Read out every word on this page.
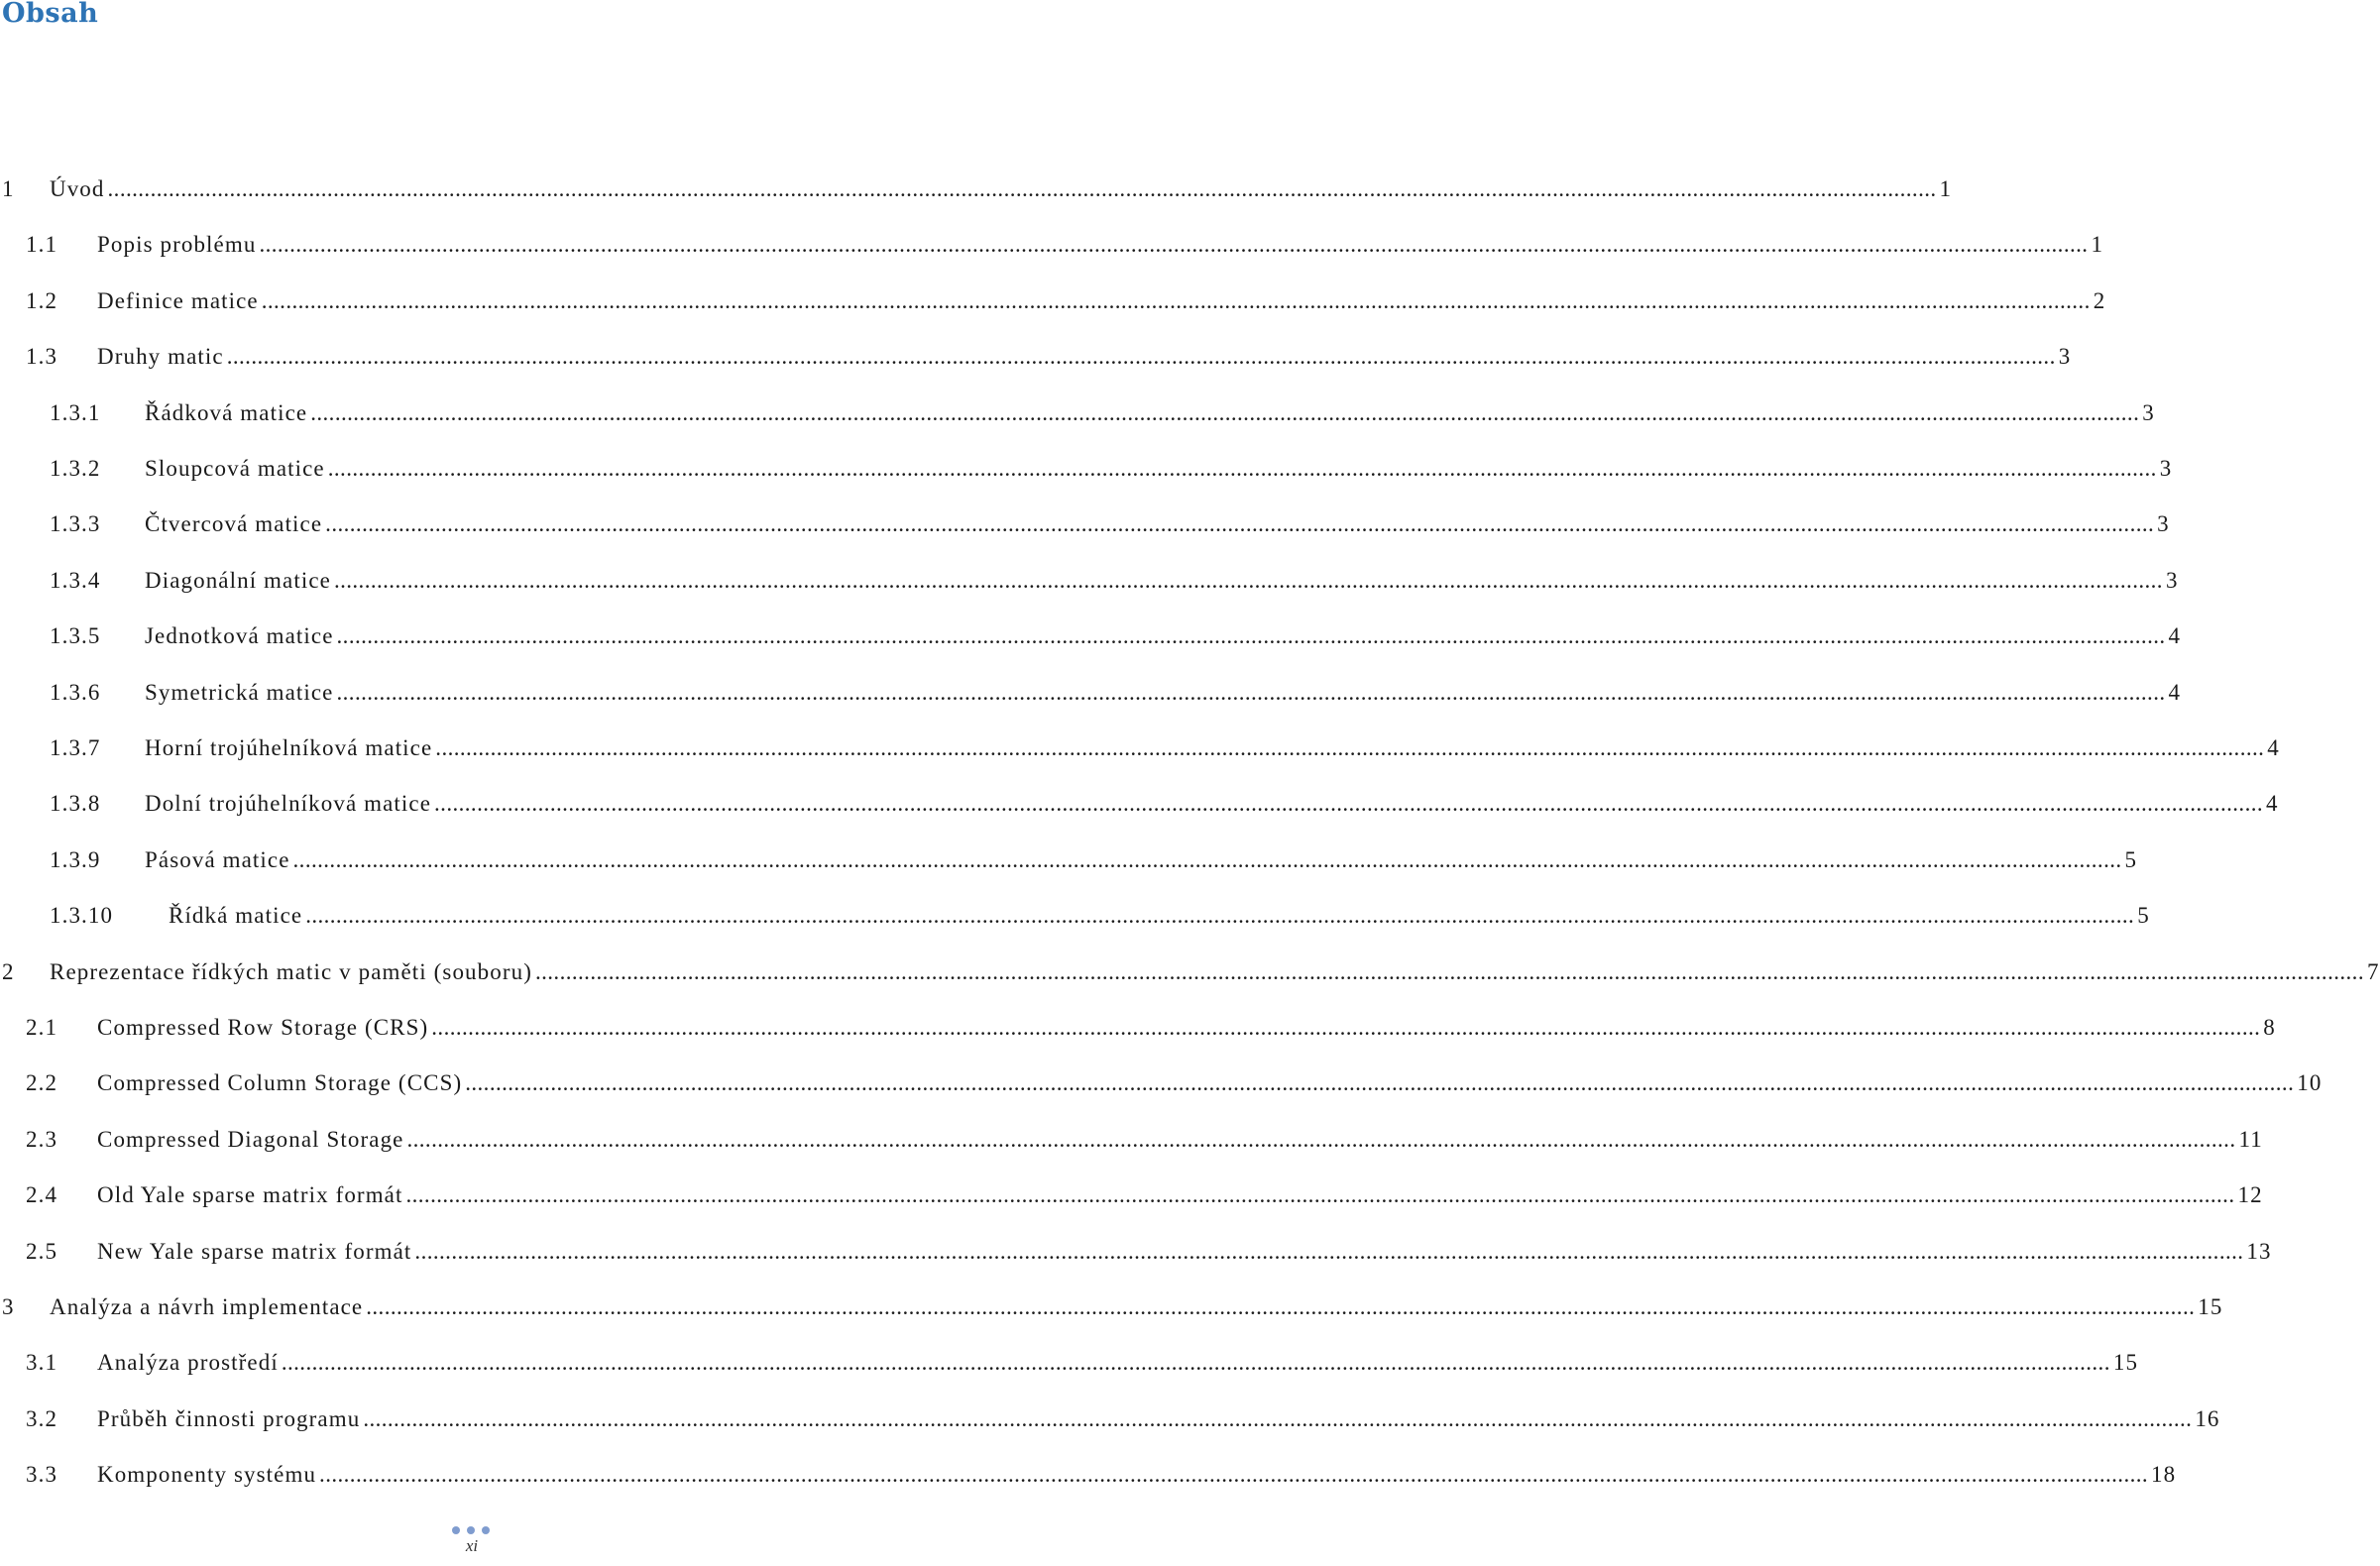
Obsah
1 Úvod ............................................................................................................................................................................................................................................................................................................ 1
1.1 Popis problému ............................................................................................................................................................................................................................................................................................................ 1
1.2 Definice matice ............................................................................................................................................................................................................................................................................................................ 2
1.3 Druhy matic ............................................................................................................................................................................................................................................................................................................ 3
1.3.1 Řádková matice ............................................................................................................................................................................................................................................................................................................ 3
1.3.2 Sloupcová matice ............................................................................................................................................................................................................................................................................................................ 3
1.3.3 Čtvercová matice ............................................................................................................................................................................................................................................................................................................ 3
1.3.4 Diagonální matice ............................................................................................................................................................................................................................................................................................................ 3
1.3.5 Jednotková matice ............................................................................................................................................................................................................................................................................................................ 4
1.3.6 Symetrická matice ............................................................................................................................................................................................................................................................................................................ 4
1.3.7 Horní trojúhelníková matice ............................................................................................................................................................................................................................................................................................................ 4
1.3.8 Dolní trojúhelníková matice ............................................................................................................................................................................................................................................................................................................ 4
1.3.9 Pásová matice ............................................................................................................................................................................................................................................................................................................ 5
1.3.10 Řídká matice ............................................................................................................................................................................................................................................................................................................ 5
2 Reprezentace řídkých matic v paměti (souboru) ............................................................................................................................................................................................................................................................................................................ 7
2.1 Compressed Row Storage (CRS) ............................................................................................................................................................................................................................................................................................................ 8
2.2 Compressed Column Storage (CCS) ............................................................................................................................................................................................................................................................................................................ 10
2.3 Compressed Diagonal Storage ............................................................................................................................................................................................................................................................................................................ 11
2.4 Old Yale sparse matrix formát ............................................................................................................................................................................................................................................................................................................ 12
2.5 New Yale sparse matrix formát ............................................................................................................................................................................................................................................................................................................ 13
3 Analýza a návrh implementace ............................................................................................................................................................................................................................................................................................................ 15
3.1 Analýza prostředí ............................................................................................................................................................................................................................................................................................................ 15
3.2 Průběh činnosti programu ............................................................................................................................................................................................................................................................................................................ 16
3.3 Komponenty systému ............................................................................................................................................................................................................................................................................................................ 18
xi
